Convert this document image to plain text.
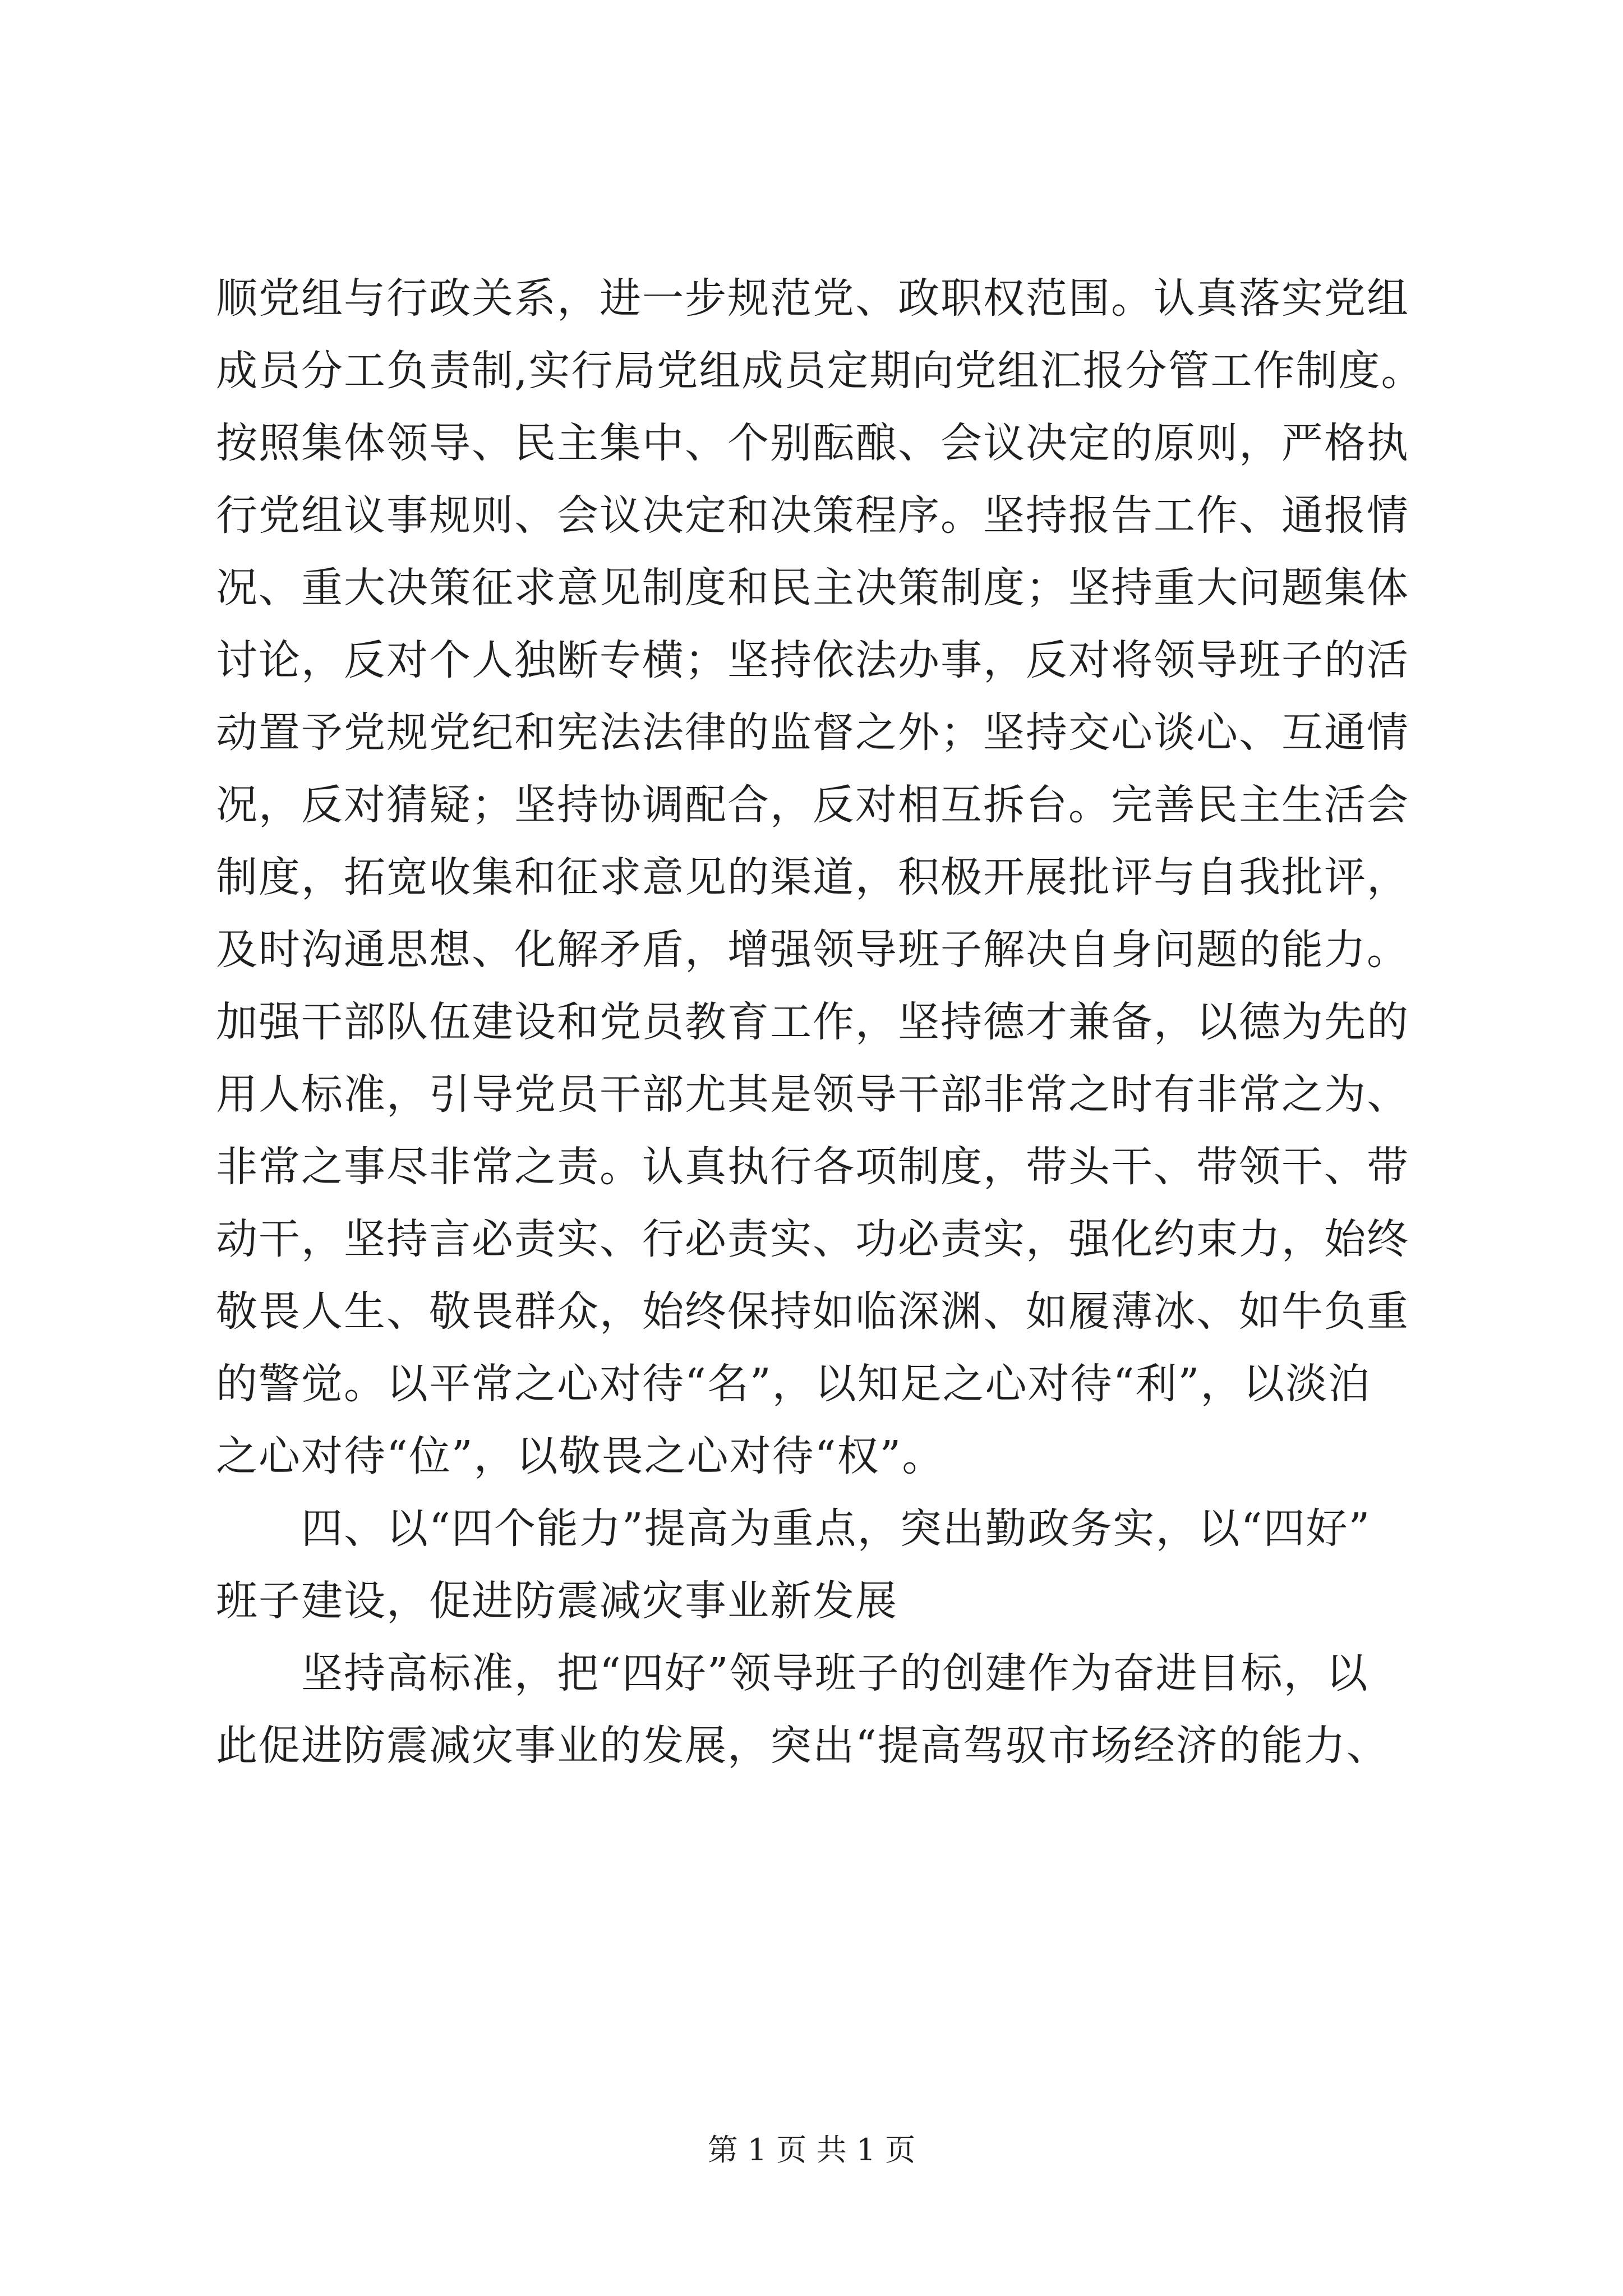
顺党组与行政关系，进一步规范党、政职权范围。认真落实党组
成员分工负责制,实行局党组成员定期向党组汇报分管工作制度。
按照集体领导、民主集中、个别酝酿、会议决定的原则，严格执
行党组议事规则、会议决定和决策程序。坚持报告工作、通报情
况、重大决策征求意见制度和民主决策制度；坚持重大问题集体
讨论，反对个人独断专横；坚持依法办事，反对将领导班子的活
动置予党规党纪和宪法法律的监督之外；坚持交心谈心、互通情
况，反对猜疑；坚持协调配合，反对相互拆台。完善民主生活会
制度，拓宽收集和征求意见的渠道，积极开展批评与自我批评，
及时沟通思想、化解矛盾，增强领导班子解决自身问题的能力。
加强干部队伍建设和党员教育工作，坚持德才兼备，以德为先的
用人标准，引导党员干部尤其是领导干部非常之时有非常之为、
非常之事尽非常之责。认真执行各项制度，带头干、带领干、带
动干，坚持言必责实、行必责实、功必责实，强化约束力，始终
敬畏人生、敬畏群众，始终保持如临深渊、如履薄冰、如牛负重
的警觉。以平常之心对待“名”，以知足之心对待“利”，以淡泊
之心对待“位”，以敬畏之心对待“权”。
　　四、以“四个能力”提高为重点，突出勤政务实，以“四好”
班子建设，促进防震减灾事业新发展
　　坚持高标准，把“四好”领导班子的创建作为奋进目标，以
此促进防震减灾事业的发展，突出“提高驾驭市场经济的能力、
第 1 页 共 1 页
